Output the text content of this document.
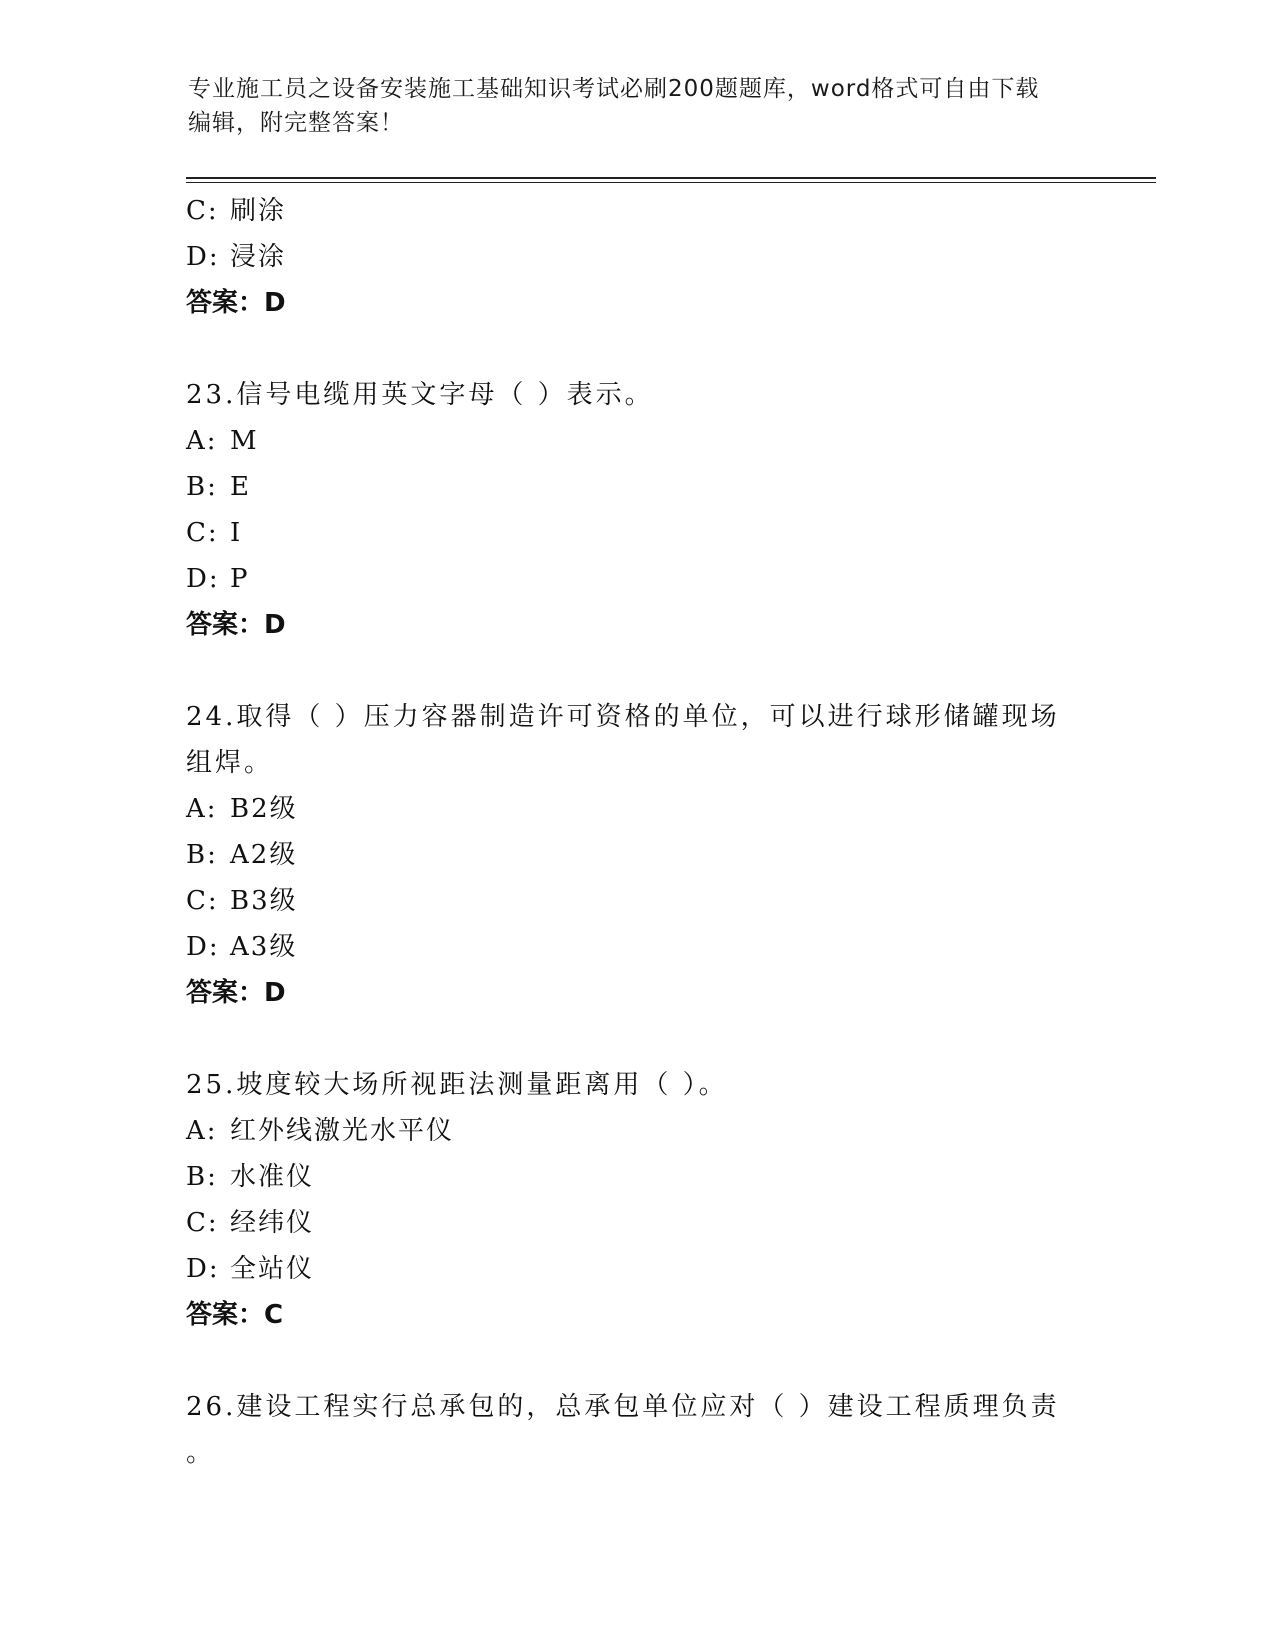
专业施工员之设备安装施工基础知识考试必刷200题题库，word格式可自由下载
编辑，附完整答案！
C: 刷涂
D: 浸涂
答案：D
23.信号电缆用英文字母（ ）表示。
A: M
B: E
C: I
D: P
答案：D
24.取得（ ）压力容器制造许可资格的单位，可以进行球形储罐现场
组焊。
A: B2级
B: A2级
C: B3级
D: A3级
答案：D
25.坡度较大场所视距法测量距离用（ ）。
A: 红外线激光水平仪
B: 水准仪
C: 经纬仪
D: 全站仪
答案：C
26.建设工程实行总承包的，总承包单位应对（ ）建设工程质理负责
。
